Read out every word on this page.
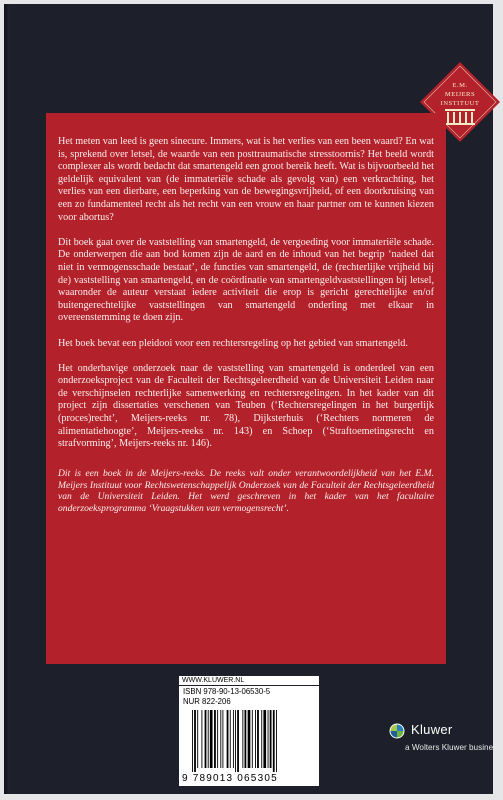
E.M.
MEIJERS
INSTITUUT

Het meten van leed is geen sinecure. Immers, wat is het verlies van een been waard? En wat is, sprekend over letsel, de waarde van een posttraumatische stresstoornis? Het beeld wordt complexer als wordt bedacht dat smartengeld een groot bereik heeft. Wat is bijvoorbeeld het geldelijk equivalent van (de immateriële schade als gevolg van) een verkrachting, het verlies van een dierbare, een beperking van de bewegingsvrijheid, of een doorkruising van een zo fundamenteel recht als het recht van een vrouw en haar partner om te kunnen kiezen voor abortus?

Dit boek gaat over de vaststelling van smartengeld, de vergoeding voor immateriële schade. De onderwerpen die aan bod komen zijn de aard en de inhoud van het begrip ‘nadeel dat niet in vermogensschade bestaat’, de functies van smartengeld, de (rechterlijke vrijheid bij de) vaststelling van smartengeld, en de coördinatie van smartengeldvaststellingen bij letsel, waaronder de auteur verstaat iedere activiteit die erop is gericht gerechtelijke en/of buitengerechtelijke vaststellingen van smartengeld onderling met elkaar in overeenstemming te doen zijn.

Het boek bevat een pleidooi voor een rechtersregeling op het gebied van smartengeld.

Het onderhavige onderzoek naar de vaststelling van smartengeld is onderdeel van een onderzoeksproject van de Faculteit der Rechtsgeleerdheid van de Universiteit Leiden naar de verschijnselen rechterlijke samenwerking en rechtersregelingen. In het kader van dit project zijn dissertaties verschenen van Teuben (‘Rechtersregelingen in het burgerlijk (proces)recht’, Meijers-reeks nr. 78), Dijksterhuis (‘Rechters normeren de alimentatiehoogte’, Meijers-reeks nr. 143) en Schoep (‘Straftoemetingsrecht en strafvorming’, Meijers-reeks nr. 146).

Dit is een boek in de Meijers-reeks. De reeks valt onder verantwoordelijkheid van het E.M. Meijers Instituut voor Rechtswetenschappelijk Onderzoek van de Faculteit der Rechtsgeleerdheid van de Universiteit Leiden. Het werd geschreven in het kader van het facultaire onderzoeksprogramma ‘Vraagstukken van vermogensrecht’.

WWW.KLUWER.NL
ISBN 978-90-13-06530-5
NUR 822-206
9 789013 065305
Kluwer
a Wolters Kluwer business
